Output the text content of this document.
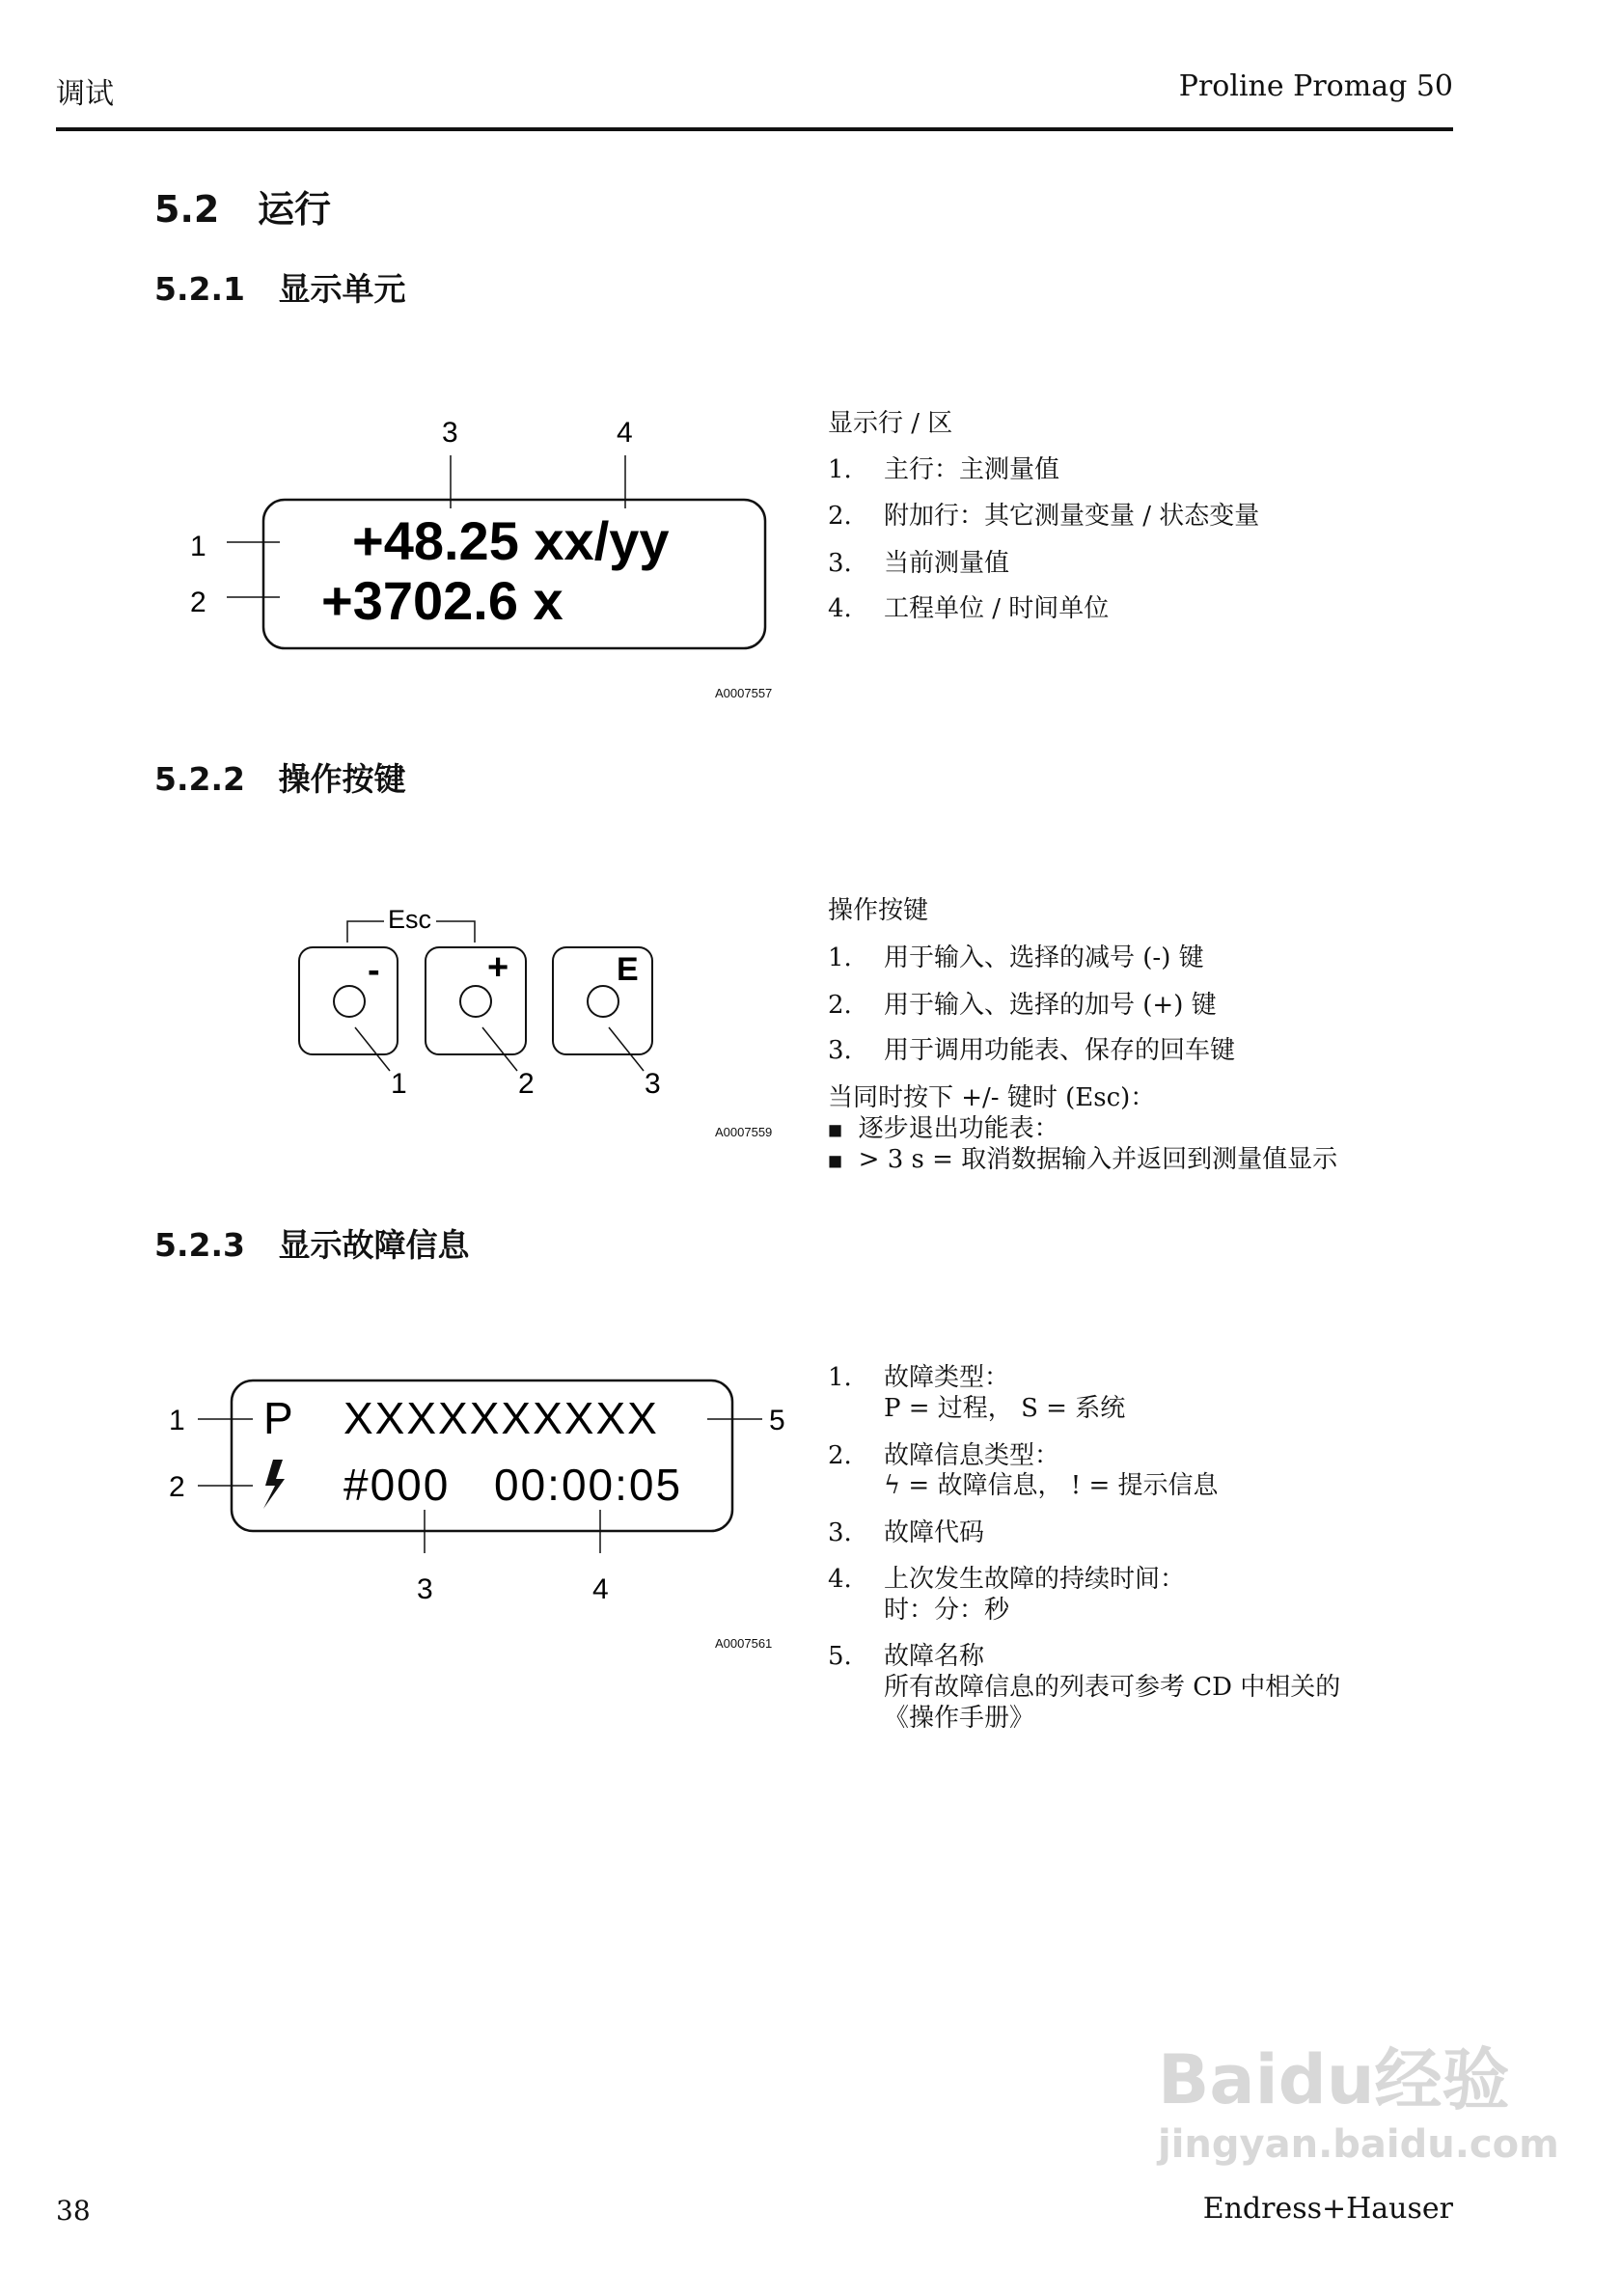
调试	Proline Promag 50
5.2 运行
5.2.1 显示单元
+48.25 xx/yy
+3702.6 x
1
2
3	4
Esc
-	+	E
1	2	3
P XXXXXXXXXX
#000 00:00:05
1
2
3	4
5
A0007557
显示行 / 区
1. 主行：主测量值
2. 附加行：其它测量变量 / 状态变量
3. 当前测量值
4. 工程单位 / 时间单位
5.2.2 操作按键
A0007559
操作按键
1. 用于输入、选择的减号 (-) 键
2. 用于输入、选择的加号 (+) 键
3. 用于调用功能表、保存的回车键
当同时按下 +/- 键时 (Esc)：
■ 逐步退出功能表：
■ > 3 s = 取消数据输入并返回到测量值显示
5.2.3 显示故障信息
A0007561
1. 故障类型：
P = 过程， S = 系统
2. 故障信息类型：
ϟ = 故障信息， ! = 提示信息
3. 故障代码
4. 上次发生故障的持续时间：
时：分：秒
5. 故障名称
所有故障信息的列表可参考 CD 中相关的
《操作手册》
Baidu经验
jingyan.baidu.com
38	Endress+Hauser
